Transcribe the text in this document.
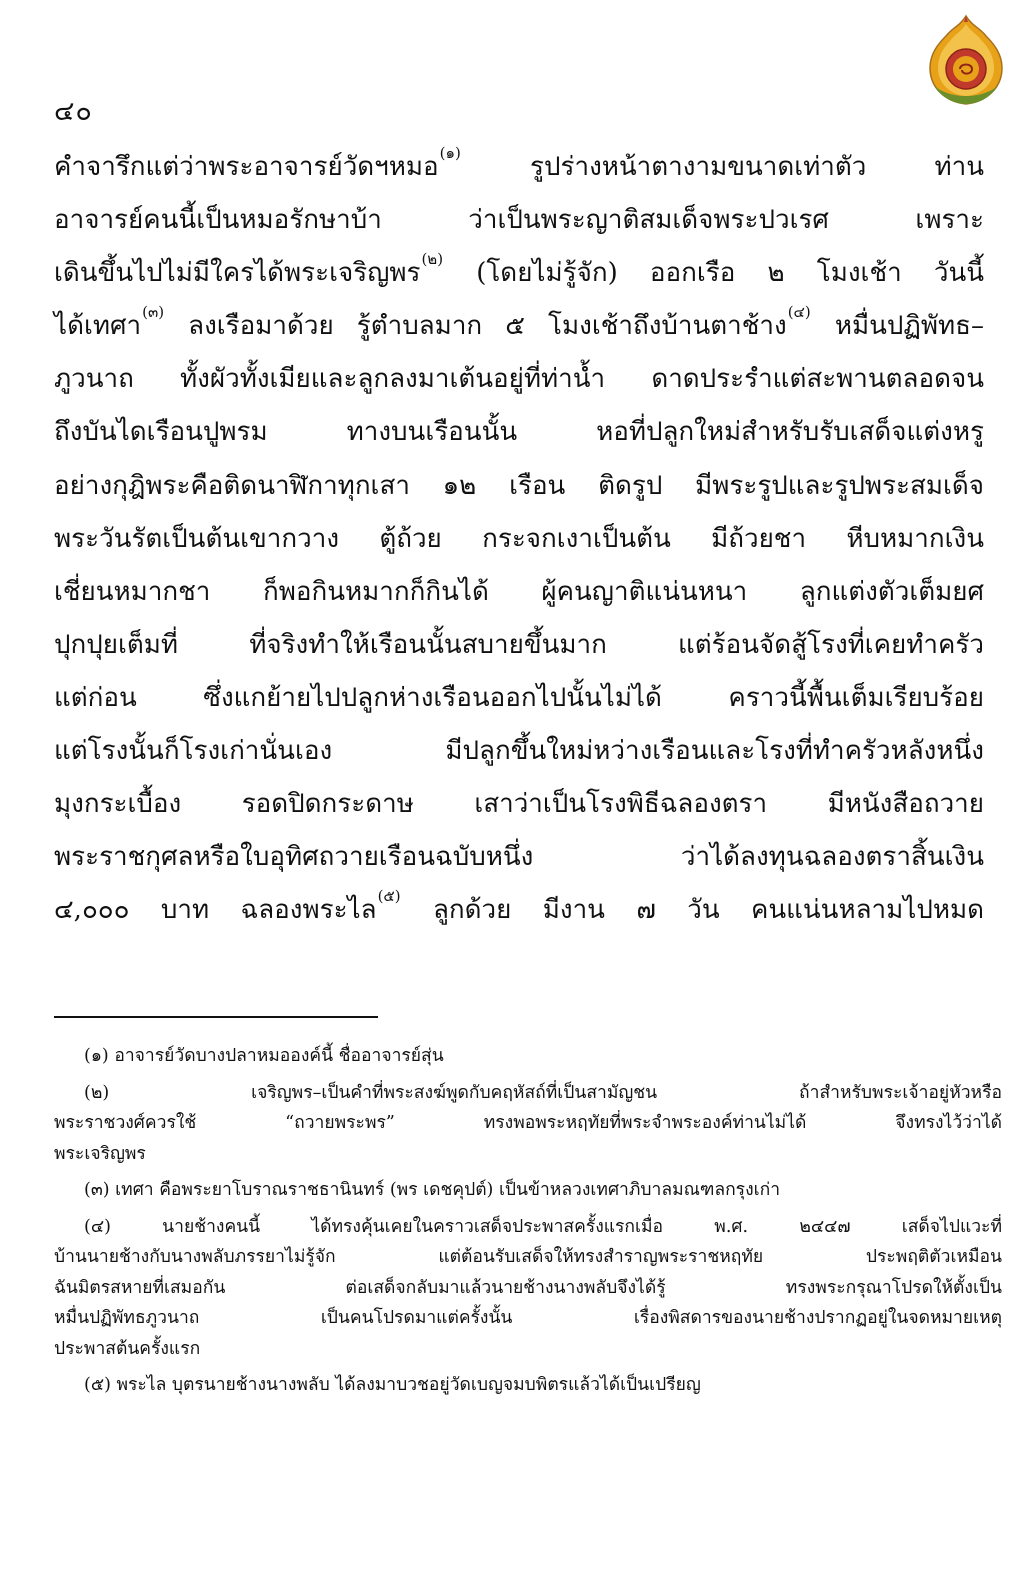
๔๐
คำจารึกแต่ว่าพระอาจารย์วัดฯหมอ$^{(๑)}$ รูปร่างหน้าตางามขนาดเท่าตัว ท่าน
อาจารย์คนนี้เป็นหมอรักษาบ้า ว่าเป็นพระญาติสมเด็จพระปวเรศ เพราะ
เดินขึ้นไปไม่มีใครได้พระเจริญพร$^{(๒)}$ (โดยไม่รู้จัก) ออกเรือ ๒ โมงเช้า วันนี้
ได้เทศา$^{(๓)}$ ลงเรือมาด้วย รู้ตำบลมาก ๕ โมงเช้าถึงบ้านตาช้าง$^{(๔)}$ หมื่นปฏิพัทธ–
ภูวนาถ ทั้งผัวทั้งเมียและลูกลงมาเต้นอยู่ที่ท่าน้ำ ดาดประรำแต่สะพานตลอดจน
ถึงบันไดเรือนปูพรม ทางบนเรือนนั้น หอที่ปลูกใหม่สำหรับรับเสด็จแต่งหรู
อย่างกุฎิพระคือติดนาฬิกาทุกเสา ๑๒ เรือน ติดรูป มีพระรูปและรูปพระสมเด็จ
พระวันรัตเป็นต้นเขากวาง ตู้ถ้วย กระจกเงาเป็นต้น มีถ้วยชา หีบหมากเงิน
เชี่ยนหมากชา ก็พอกินหมากก็กินได้ ผู้คนญาติแน่นหนา ลูกแต่งตัวเต็มยศ
ปุกปุยเต็มที่ ที่จริงทำให้เรือนนั้นสบายขึ้นมาก แต่ร้อนจัดสู้โรงที่เคยทำครัว
แต่ก่อน ซึ่งแกย้ายไปปลูกห่างเรือนออกไปนั้นไม่ได้ คราวนี้พื้นเต็มเรียบร้อย
แต่โรงนั้นก็โรงเก่านั่นเอง มีปลูกขึ้นใหม่หว่างเรือนและโรงที่ทำครัวหลังหนึ่ง
มุงกระเบื้อง รอดปิดกระดาษ เสาว่าเป็นโรงพิธีฉลองตรา มีหนังสือถวาย
พระราชกุศลหรือใบอุทิศถวายเรือนฉบับหนึ่ง ว่าได้ลงทุนฉลองตราสิ้นเงิน
๔,๐๐๐ บาท ฉลองพระไล$^{(๕)}$ ลูกด้วย มีงาน ๗ วัน คนแน่นหลามไปหมด
(๑) อาจารย์วัดบางปลาหมอองค์นี้ ชื่ออาจารย์สุ่น
(๒) เจริญพร–เป็นคำที่พระสงฆ์พูดกับคฤหัสถ์ที่เป็นสามัญชน ถ้าสำหรับพระเจ้าอยู่หัวหรือ
พระราชวงศ์ควรใช้ “ถวายพระพร” ทรงพอพระหฤทัยที่พระจำพระองค์ท่านไม่ได้ จึงทรงไว้ว่าได้
พระเจริญพร
(๓) เทศา คือพระยาโบราณราชธานินทร์ (พร เดชคุปต์) เป็นข้าหลวงเทศาภิบาลมณฑลกรุงเก่า
(๔) นายช้างคนนี้ ได้ทรงคุ้นเคยในคราวเสด็จประพาสครั้งแรกเมื่อ พ.ศ. ๒๔๔๗ เสด็จไปแวะที่
บ้านนายช้างกับนางพลับภรรยาไม่รู้จัก แต่ต้อนรับเสด็จให้ทรงสำราญพระราชหฤทัย ประพฤติตัวเหมือน
ฉันมิตรสหายที่เสมอกัน ต่อเสด็จกลับมาแล้วนายช้างนางพลับจึงได้รู้ ทรงพระกรุณาโปรดให้ตั้งเป็น
หมื่นปฏิพัทธภูวนาถ เป็นคนโปรดมาแต่ครั้งนั้น เรื่องพิสดารของนายช้างปรากฏอยู่ในจดหมายเหตุ
ประพาสต้นครั้งแรก
(๕) พระไล บุตรนายช้างนางพลับ ได้ลงมาบวชอยู่วัดเบญจมบพิตรแล้วได้เป็นเปรียญ
